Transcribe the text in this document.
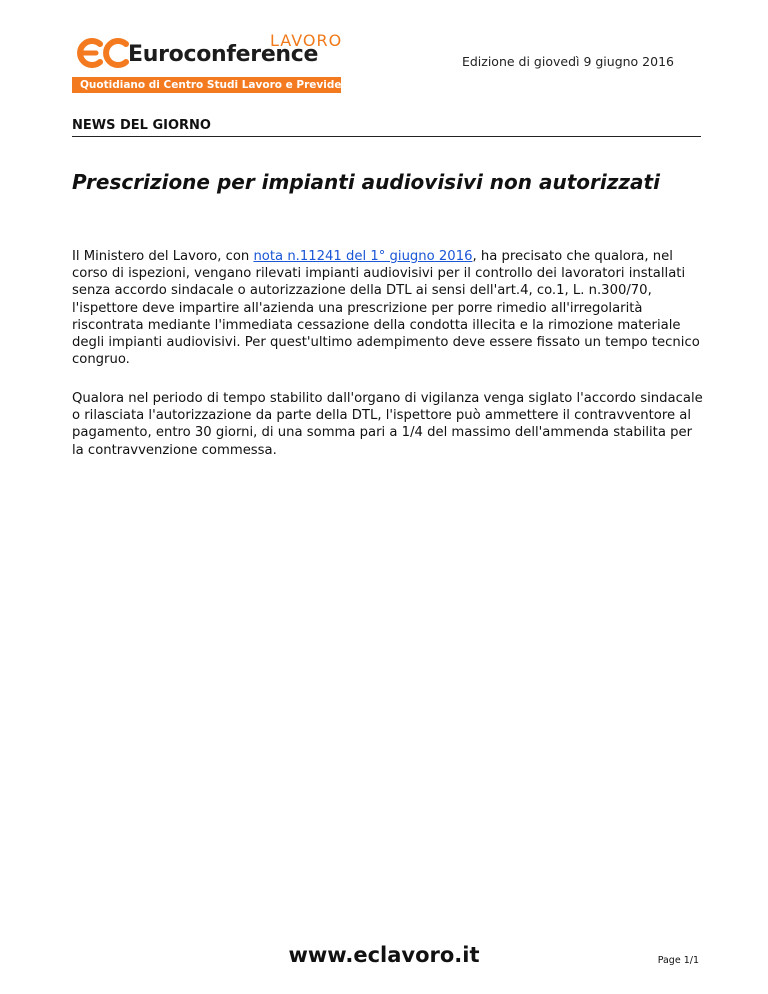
LAVORO
Euroconference
Quotidiano di Centro Studi Lavoro e Previdenza
Edizione di giovedì 9 giugno 2016
NEWS DEL GIORNO
Prescrizione per impianti audiovisivi non autorizzati

Il Ministero del Lavoro, con nota n.11241 del 1° giugno 2016, ha precisato che qualora, nel corso di ispezioni, vengano rilevati impianti audiovisivi per il controllo dei lavoratori installati senza accordo sindacale o autorizzazione della DTL ai sensi dell'art.4, co.1, L. n.300/70, l'ispettore deve impartire all'azienda una prescrizione per porre rimedio all'irregolarità riscontrata mediante l'immediata cessazione della condotta illecita e la rimozione materiale degli impianti audiovisivi. Per quest'ultimo adempimento deve essere fissato un tempo tecnico congruo.

Qualora nel periodo di tempo stabilito dall'organo di vigilanza venga siglato l'accordo sindacale o rilasciata l'autorizzazione da parte della DTL, l'ispettore può ammettere il contravventore al pagamento, entro 30 giorni, di una somma pari a 1/4 del massimo dell'ammenda stabilita per la contravvenzione commessa.

www.eclavoro.it	Page 1/1
